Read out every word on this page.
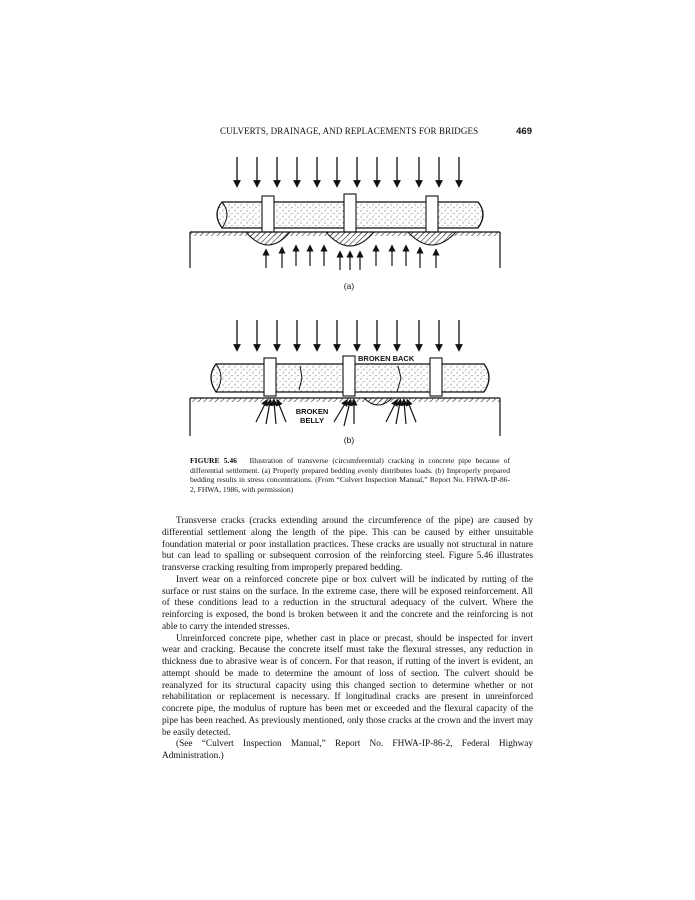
CULVERTS, DRAINAGE, AND REPLACEMENTS FOR BRIDGES	469
(a)
BROKEN BACK
BROKEN
BELLY
(b)
FIGURE 5.46 Illustration of transverse (circumferential) cracking in concrete pipe because of differential settlement. (a) Properly prepared bedding evenly distributes loads. (b) Improperly prepared bedding results in stress concentrations. (From “Culvert Inspection Manual,” Report No. FHWA-IP-86-2, FHWA, 1986, with permission)

Transverse cracks (cracks extending around the circumference of the pipe) are caused by differential settlement along the length of the pipe. This can be caused by either unsuitable foundation material or poor installation practices. These cracks are usually not structural in nature but can lead to spalling or subsequent corrosion of the reinforcing steel. Figure 5.46 illustrates transverse cracking resulting from improperly prepared bedding.

Invert wear on a reinforced concrete pipe or box culvert will be indicated by rutting of the surface or rust stains on the surface. In the extreme case, there will be exposed reinforcement. All of these conditions lead to a reduction in the structural adequacy of the culvert. Where the reinforcing is exposed, the bond is broken between it and the concrete and the reinforcing is not able to carry the intended stresses.

Unreinforced concrete pipe, whether cast in place or precast, should be inspected for invert wear and cracking. Because the concrete itself must take the flexural stresses, any reduction in thickness due to abrasive wear is of concern. For that reason, if rutting of the invert is evident, an attempt should be made to determine the amount of loss of section. The culvert should be reanalyzed for its structural capacity using this changed section to determine whether or not rehabilitation or replacement is necessary. If longitudinal cracks are present in unreinforced concrete pipe, the modulus of rupture has been met or exceeded and the flexural capacity of the pipe has been reached. As previously mentioned, only those cracks at the crown and the invert may be easily detected.

(See “Culvert Inspection Manual,” Report No. FHWA-IP-86-2, Federal Highway Administration.)
